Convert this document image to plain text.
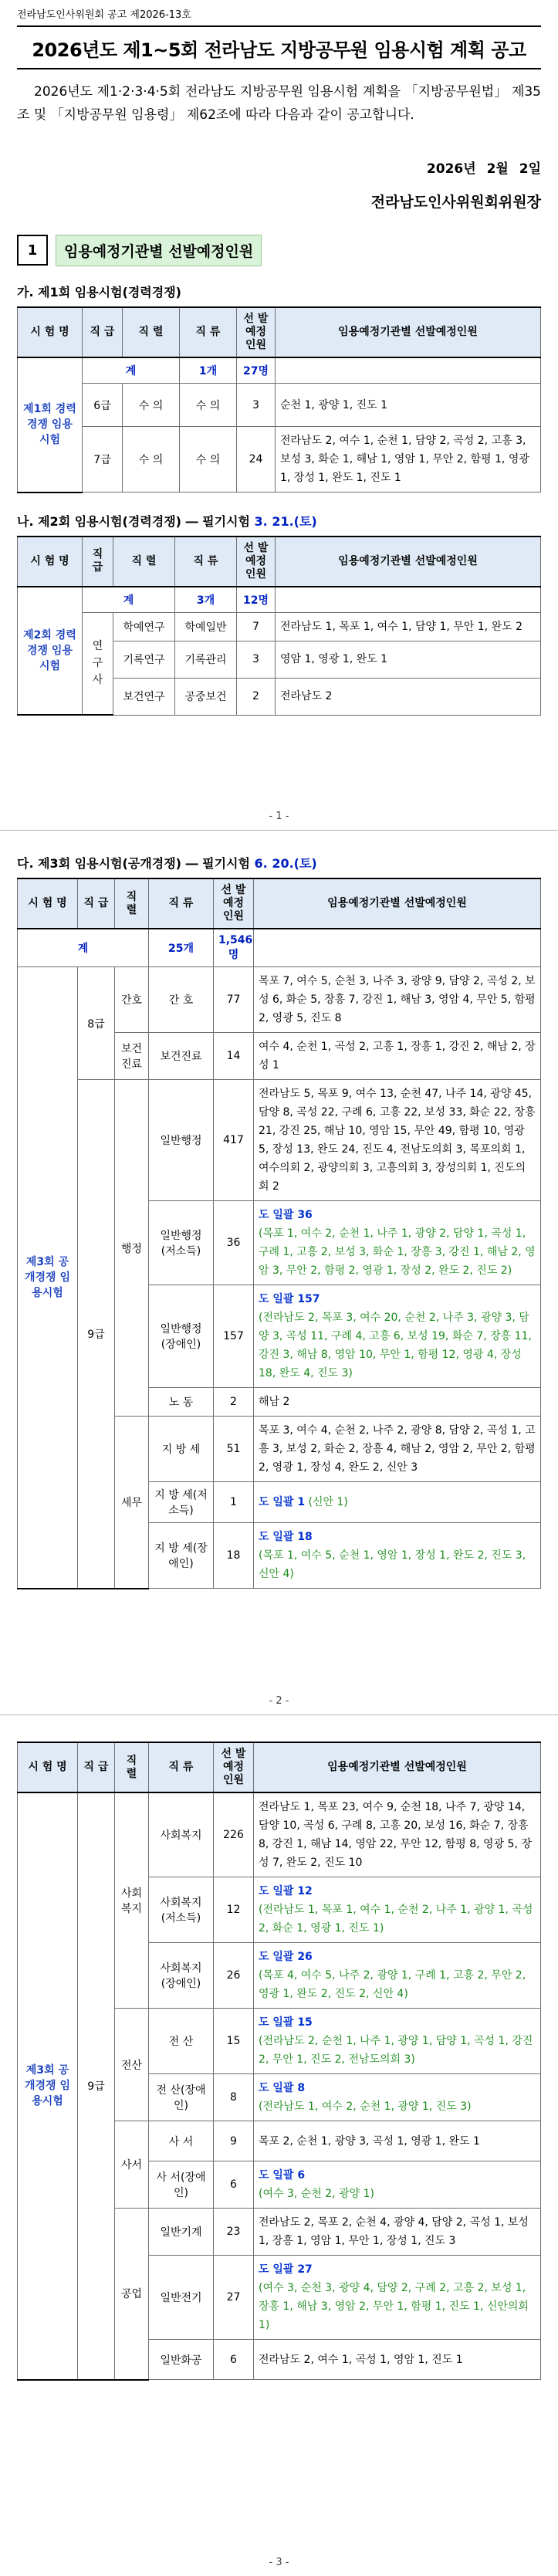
전라남도인사위원회 공고 제2026-13호
2026년도 제1~5회 전라남도 지방공무원 임용시험 계획 공고

2026년도 제1·2·3·4·5회 전라남도 지방공무원 임용시험 계획을 「지방공무원법」 제35조 및 「지방공무원 임용령」 제62조에 따라 다음과 같이 공고합니다.

2026년 2월 2일
전라남도인사위원회위원장
1	임용예정기관별 선발예정인원
가. 제1회 임용시험(경력경쟁)
시 험 명	직 급	직 렬	직 류	선 발 예정인원	임용예정기관별 선발예정인원
제1회 경력경쟁 임용시험	계		1개	27명	
	6급	수 의	수 의	3	순천 1, 광양 1, 진도 1
	7급	수 의	수 의	24	전라남도 2, 여수 1, 순천 1, 담양 2, 곡성 2, 고흥 3, 보성 3, 화순 1, 해남 1, 영암 1, 무안 2, 함평 1, 영광 1, 장성 1, 완도 1, 진도 1
나. 제2회 임용시험(경력경쟁) ― 필기시험 3. 21.(토)
시 험 명	직 급	직 렬	직 류	선 발 예정인원	임용예정기관별 선발예정인원
제2회 경력경쟁 임용시험	계		3개	12명	
	연 구 사	학예연구	학예일반	7	전라남도 1, 목포 1, 여수 1, 담양 1, 무안 1, 완도 2
		기록연구	기록관리	3	영암 1, 영광 1, 완도 1
		보건연구	공중보건	2	전라남도 2
- 1 -
다. 제3회 임용시험(공개경쟁) ― 필기시험 6. 20.(토)
시 험 명	직 급	직 렬	직 류	선 발 예정인원	임용예정기관별 선발예정인원
계			25개	1,546명	
제3회 공개경쟁 임용시험	8급	간호	간 호	77	목포 7, 여수 5, 순천 3, 나주 3, 광양 9, 담양 2, 곡성 2, 보성 6, 화순 5, 장흥 7, 강진 1, 해남 3, 영암 4, 무안 5, 함평 2, 영광 5, 진도 8
		보건진료	보건진료	14	여수 4, 순천 1, 곡성 2, 고흥 1, 장흥 1, 강진 2, 해남 2, 장성 1
	9급	행정	일반행정	417	전라남도 5, 목포 9, 여수 13, 순천 47, 나주 14, 광양 45, 담양 8, 곡성 22, 구례 6, 고흥 22, 보성 33, 화순 22, 장흥 21, 강진 25, 해남 10, 영암 15, 무안 49, 함평 10, 영광 5, 장성 13, 완도 24, 진도 4, 전남도의회 3, 목포의회 1, 여수의회 2, 광양의회 3, 고흥의회 3, 장성의회 1, 진도의회 2
			일반행정(저소득)	36	도 일괄 36
(목포 1, 여수 2, 순천 1, 나주 1, 광양 2, 담양 1, 곡성 1, 구례 1, 고흥 2, 보성 3, 화순 1, 장흥 3, 강진 1, 해남 2, 영암 3, 무안 2, 함평 2, 영광 1, 장성 2, 완도 2, 진도 2)
			일반행정(장애인)	157	도 일괄 157
(전라남도 2, 목포 3, 여수 20, 순천 2, 나주 3, 광양 3, 담양 3, 곡성 11, 구례 4, 고흥 6, 보성 19, 화순 7, 장흥 11, 강진 3, 해남 8, 영암 10, 무안 1, 함평 12, 영광 4, 장성 18, 완도 4, 진도 3)
			노 동	2	해남 2
		세무	지 방 세	51	목포 3, 여수 4, 순천 2, 나주 2, 광양 8, 담양 2, 곡성 1, 고흥 3, 보성 2, 화순 2, 장흥 4, 해남 2, 영암 2, 무안 2, 함평 2, 영광 1, 장성 4, 완도 2, 신안 3
			지 방 세(저소득)	1	도 일괄 1 (신안 1)
			지 방 세(장애인)	18	도 일괄 18
(목포 1, 여수 5, 순천 1, 영암 1, 장성 1, 완도 2, 진도 3, 신안 4)
- 2 -
시 험 명	직 급	직 렬	직 류	선 발 예정인원	임용예정기관별 선발예정인원
제3회 공개경쟁 임용시험	9급	사회복지	사회복지	226	전라남도 1, 목포 23, 여수 9, 순천 18, 나주 7, 광양 14, 담양 10, 곡성 6, 구례 8, 고흥 20, 보성 16, 화순 7, 장흥 8, 강진 1, 해남 14, 영암 22, 무안 12, 함평 8, 영광 5, 장성 7, 완도 2, 진도 10
			사회복지(저소득)	12	도 일괄 12
(전라남도 1, 목포 1, 여수 1, 순천 2, 나주 1, 광양 1, 곡성 2, 화순 1, 영광 1, 진도 1)
			사회복지(장애인)	26	도 일괄 26
(목포 4, 여수 5, 나주 2, 광양 1, 구례 1, 고흥 2, 무안 2, 영광 1, 완도 2, 진도 2, 신안 4)
		전산	전 산	15	도 일괄 15
(전라남도 2, 순천 1, 나주 1, 광양 1, 담양 1, 곡성 1, 강진 2, 무안 1, 진도 2, 전남도의회 3)
			전 산(장애인)	8	도 일괄 8
(전라남도 1, 여수 2, 순천 1, 광양 1, 진도 3)
		사서	사 서	9	목포 2, 순천 1, 광양 3, 곡성 1, 영광 1, 완도 1
			사 서(장애인)	6	도 일괄 6
(여수 3, 순천 2, 광양 1)
		공업	일반기계	23	전라남도 2, 목포 2, 순천 4, 광양 4, 담양 2, 곡성 1, 보성 1, 장흥 1, 영암 1, 무안 1, 장성 1, 진도 3
			일반전기	27	도 일괄 27
(여수 3, 순천 3, 광양 4, 담양 2, 구례 2, 고흥 2, 보성 1, 장흥 1, 해남 3, 영암 2, 무안 1, 함평 1, 진도 1, 신안의회 1)
			일반화공	6	전라남도 2, 여수 1, 곡성 1, 영암 1, 진도 1
- 3 -
